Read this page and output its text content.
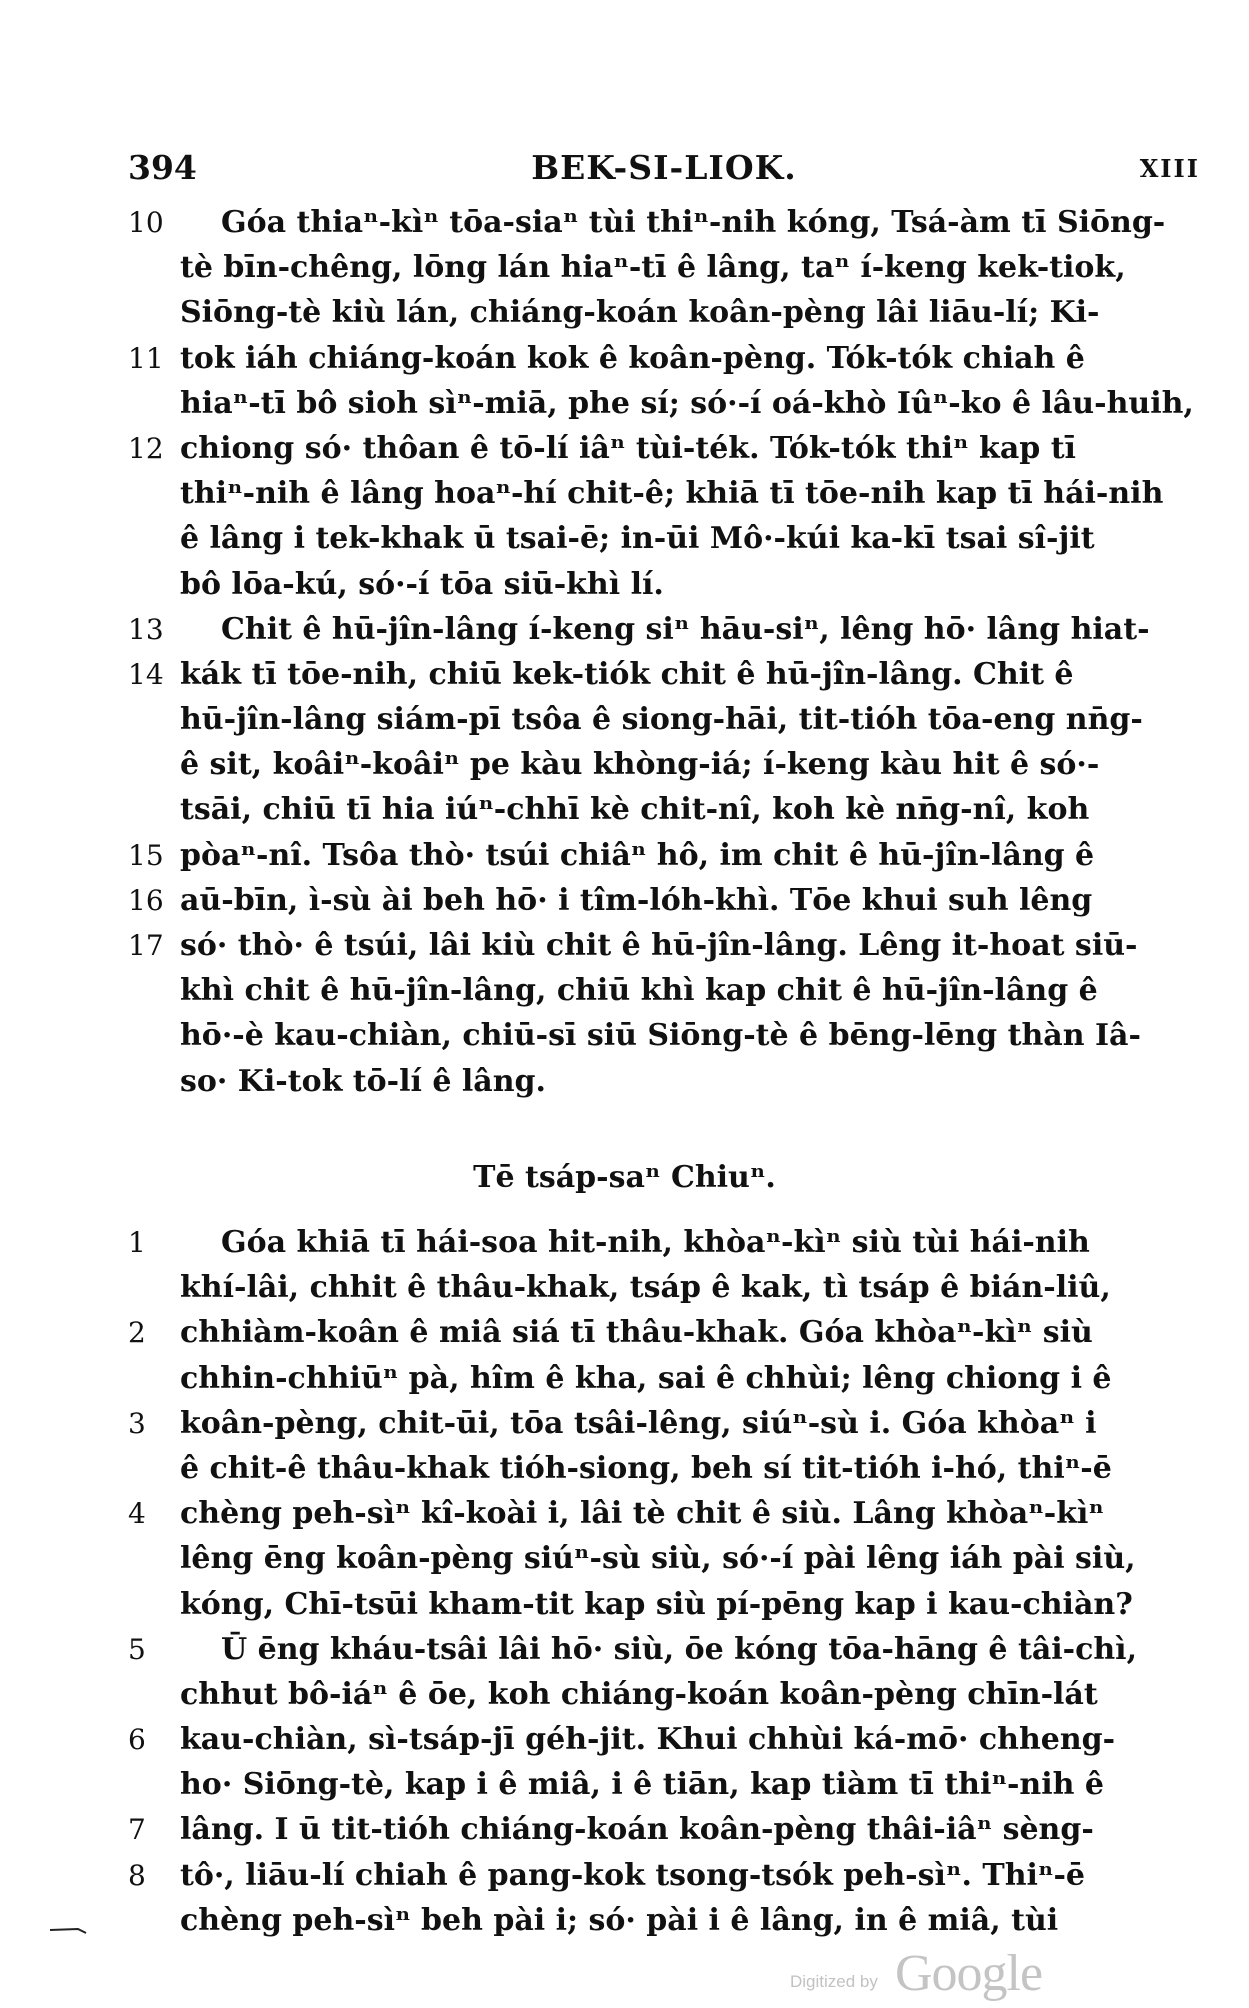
394	BEK-SI-LIOK.	XIII
10 Góa thiaⁿ-kìⁿ tōa-siaⁿ tùi thiⁿ-nih kóng, Tsá-àm tī Siōng-
tè bīn-chêng, lōng lán hiaⁿ-tī ê lâng, taⁿ í-keng kek-tiok,
Siōng-tè kiù lán, chiáng-koán koân-pèng lâi liāu-lí; Ki-
11 tok iáh chiáng-koán kok ê koân-pèng. Tók-tók chiah ê
hiaⁿ-tī bô sioh sìⁿ-miā, phe sí; só·-í oá-khò Iûⁿ-ko ê lâu-huih,
12 chiong só· thôan ê tō-lí iâⁿ tùi-ték. Tók-tók thiⁿ kap tī
thiⁿ-nih ê lâng hoaⁿ-hí chit-ê; khiā tī tōe-nih kap tī hái-nih
ê lâng i tek-khak ū tsai-ē; in-ūi Mô·-kúi ka-kī tsai sî-jit
bô lōa-kú, só·-í tōa siū-khì lí.
13 Chit ê hū-jîn-lâng í-keng siⁿ hāu-siⁿ, lêng hō· lâng hiat-
14 kák tī tōe-nih, chiū kek-tiók chit ê hū-jîn-lâng. Chit ê
hū-jîn-lâng siám-pī tsôa ê siong-hāi, tit-tióh tōa-eng nn̄g-
ê sit, koâiⁿ-koâiⁿ pe kàu khòng-iá; í-keng kàu hit ê só·-
tsāi, chiū tī hia iúⁿ-chhī kè chit-nî, koh kè nn̄g-nî, koh
15 pòaⁿ-nî. Tsôa thò· tsúi chiâⁿ hô, im chit ê hū-jîn-lâng ê
16 aū-bīn, ì-sù ài beh hō· i tîm-lóh-khì. Tōe khui suh lêng
17 só· thò· ê tsúi, lâi kiù chit ê hū-jîn-lâng. Lêng it-hoat siū-
khì chit ê hū-jîn-lâng, chiū khì kap chit ê hū-jîn-lâng ê
hō·-è kau-chiàn, chiū-sī siū Siōng-tè ê bēng-lēng thàn Iâ-
so· Ki-tok tō-lí ê lâng.
Tē tsáp-saⁿ Chiuⁿ.
1	Góa khiā tī hái-soa hit-nih, khòaⁿ-kìⁿ siù tùi hái-nih
khí-lâi, chhit ê thâu-khak, tsáp ê kak, tì tsáp ê bián-liû,
2	chhiàm-koân ê miâ siá tī thâu-khak. Góa khòaⁿ-kìⁿ siù
chhin-chhiūⁿ pà, hîm ê kha, sai ê chhùi; lêng chiong i ê
3	koân-pèng, chit-ūi, tōa tsâi-lêng, siúⁿ-sù i. Góa khòaⁿ i
ê chit-ê thâu-khak tióh-siong, beh sí tit-tióh i-hó, thiⁿ-ē
4	chèng peh-sìⁿ kî-koài i, lâi tè chit ê siù. Lâng khòaⁿ-kìⁿ
lêng ēng koân-pèng siúⁿ-sù siù, só·-í pài lêng iáh pài siù,
kóng, Chī-tsūi kham-tit kap siù pí-pēng kap i kau-chiàn?
5	Ū ēng kháu-tsâi lâi hō· siù, ōe kóng tōa-hāng ê tâi-chì,
chhut bô-iáⁿ ê ōe, koh chiáng-koán koân-pèng chīn-lát
6	kau-chiàn, sì-tsáp-jī géh-jit. Khui chhùi ká-mō· chheng-
ho· Siōng-tè, kap i ê miâ, i ê tiān, kap tiàm tī thiⁿ-nih ê
7	lâng. I ū tit-tióh chiáng-koán koân-pèng thâi-iâⁿ sèng-
8	tô·, liāu-lí chiah ê pang-kok tsong-tsók peh-sìⁿ. Thiⁿ-ē
chèng peh-sìⁿ beh pài i; só· pài i ê lâng, in ê miâ, tùi
Digitized by Google
